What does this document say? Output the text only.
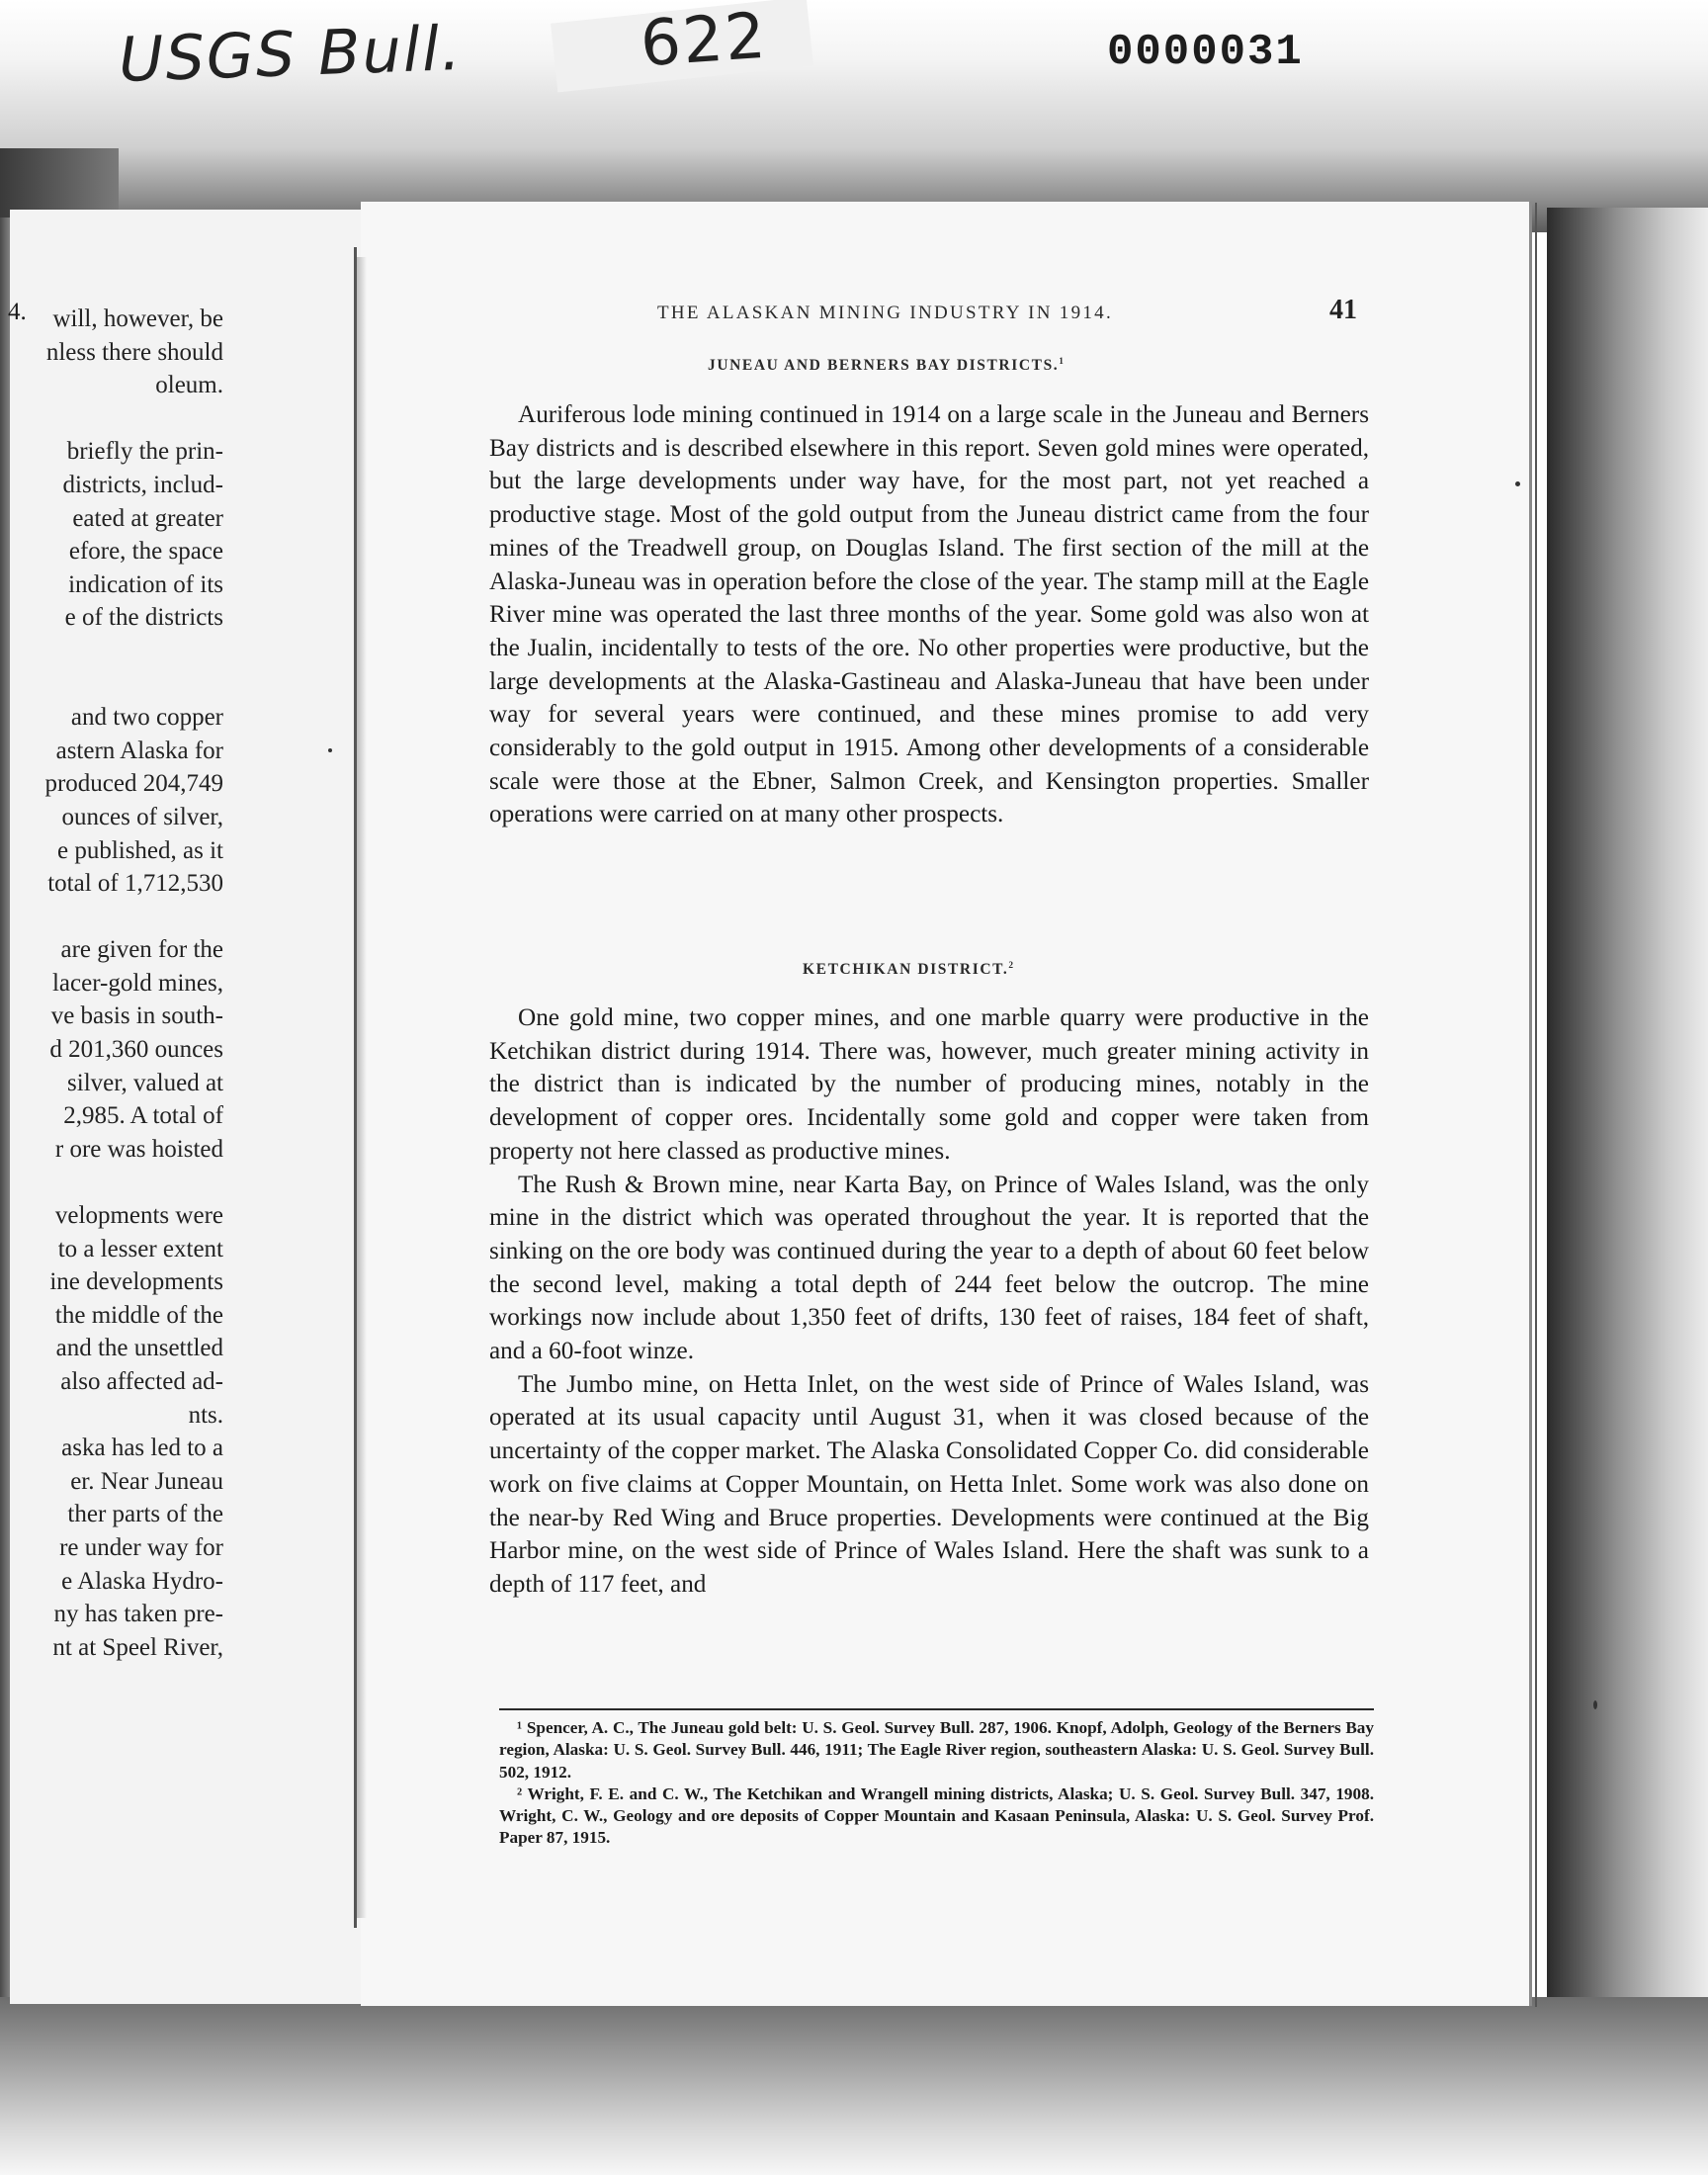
USGS Bull.	622	0000031
4.	will, however, be
nless there should
oleum.
briefly the prin-
districts, includ-
eated at greater
efore, the space
indication of its
e of the districts
and two copper
astern Alaska for
produced 204,749
ounces of silver,
e published, as it
total of 1,712,530
are given for the
lacer-gold mines,
ve basis in south-
d 201,360 ounces
silver, valued at
2,985. A total of
r ore was hoisted
velopments were
to a lesser extent
ine developments
the middle of the
and the unsettled
also affected ad-
nts.
aska has led to a
er. Near Juneau
ther parts of the
re under way for
e Alaska Hydro-
ny has taken pre-
nt at Speel River,
THE ALASKAN MINING INDUSTRY IN 1914.	41
JUNEAU AND BERNERS BAY DISTRICTS.$^1$

Auriferous lode mining continued in 1914 on a large scale in the Juneau and Berners Bay districts and is described elsewhere in this report. Seven gold mines were operated, but the large developments under way have, for the most part, not yet reached a productive stage. Most of the gold output from the Juneau district came from the four mines of the Treadwell group, on Douglas Island. The first section of the mill at the Alaska-Juneau was in operation before the close of the year. The stamp mill at the Eagle River mine was operated the last three months of the year. Some gold was also won at the Jualin, incidentally to tests of the ore. No other properties were productive, but the large developments at the Alaska-Gastineau and Alaska-Juneau that have been under way for several years were continued, and these mines promise to add very considerably to the gold output in 1915. Among other developments of a considerable scale were those at the Ebner, Salmon Creek, and Kensington properties. Smaller operations were carried on at many other prospects.

KETCHIKAN DISTRICT.$^2$

One gold mine, two copper mines, and one marble quarry were productive in the Ketchikan district during 1914. There was, however, much greater mining activity in the district than is indicated by the number of producing mines, notably in the development of copper ores. Incidentally some gold and copper were taken from property not here classed as productive mines.

The Rush & Brown mine, near Karta Bay, on Prince of Wales Island, was the only mine in the district which was operated throughout the year. It is reported that the sinking on the ore body was continued during the year to a depth of about 60 feet below the second level, making a total depth of 244 feet below the outcrop. The mine workings now include about 1,350 feet of drifts, 130 feet of raises, 184 feet of shaft, and a 60-foot winze.

The Jumbo mine, on Hetta Inlet, on the west side of Prince of Wales Island, was operated at its usual capacity until August 31, when it was closed because of the uncertainty of the copper market. The Alaska Consolidated Copper Co. did considerable work on five claims at Copper Mountain, on Hetta Inlet. Some work was also done on the near-by Red Wing and Bruce properties. Developments were continued at the Big Harbor mine, on the west side of Prince of Wales Island. Here the shaft was sunk to a depth of 117 feet, and

¹ Spencer, A. C., The Juneau gold belt: U. S. Geol. Survey Bull. 287, 1906. Knopf, Adolph, Geology of the Berners Bay region, Alaska: U. S. Geol. Survey Bull. 446, 1911; The Eagle River region, southeastern Alaska: U. S. Geol. Survey Bull. 502, 1912.

² Wright, F. E. and C. W., The Ketchikan and Wrangell mining districts, Alaska; U. S. Geol. Survey Bull. 347, 1908. Wright, C. W., Geology and ore deposits of Copper Mountain and Kasaan Peninsula, Alaska: U. S. Geol. Survey Prof. Paper 87, 1915.
